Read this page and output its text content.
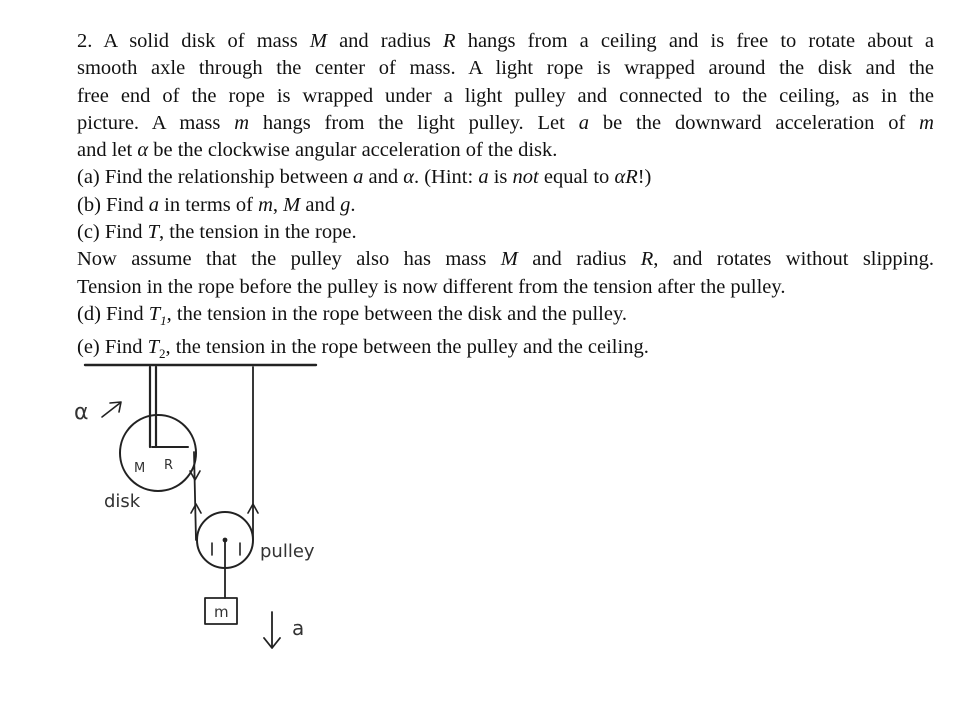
2. A solid disk of mass M and radius R hangs from a ceiling and is free to rotate about a
smooth axle through the center of mass. A light rope is wrapped around the disk and the
free end of the rope is wrapped under a light pulley and connected to the ceiling, as in the
picture. A mass m hangs from the light pulley. Let a be the downward acceleration of m
and let α be the clockwise angular acceleration of the disk.
(a) Find the relationship between a and α. (Hint: a is not equal to αR!)
(b) Find a in terms of m, M and g.
(c) Find T, the tension in the rope.
Now assume that the pulley also has mass M and radius R, and rotates without slipping.
Tension in the rope before the pulley is now different from the tension after the pulley.
(d) Find $T_1$, the tension in the rope between the disk and the pulley.
(e) Find $T_2$, the tension in the rope between the pulley and the ceiling.
α
M R
disk
pulley
m
a
